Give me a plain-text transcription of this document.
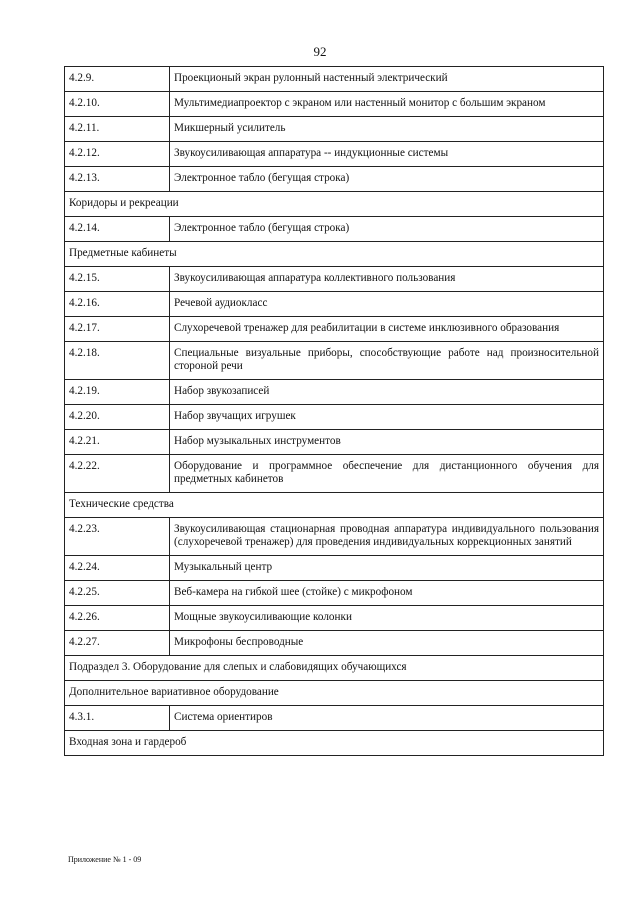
92
4.2.9.	Проекционый экран рулонный настенный электрический
4.2.10.	Мультимедиапроектор с экраном или настенный монитор с большим экраном
4.2.11.	Микшерный усилитель
4.2.12.	Звукоусиливающая аппаратура -- индукционные системы
4.2.13.	Электронное табло (бегущая строка)
Коридоры и рекреации	
4.2.14.	Электронное табло (бегущая строка)
Предметные кабинеты	
4.2.15.	Звукоусиливающая аппаратура коллективного пользования
4.2.16.	Речевой аудиокласс
4.2.17.	Слухоречевой тренажер для реабилитации в системе инклюзивного образования
4.2.18.	Специальные визуальные приборы, способствующие работе над произносительной стороной речи
4.2.19.	Набор звукозаписей
4.2.20.	Набор звучащих игрушек
4.2.21.	Набор музыкальных инструментов
4.2.22.	Оборудование и программное обеспечение для дистанционного обучения для предметных кабинетов
Технические средства	
4.2.23.	Звукоусиливающая стационарная проводная аппаратура индивидуального пользования (слухоречевой тренажер) для проведения индивидуальных коррекционных занятий
4.2.24.	Музыкальный центр
4.2.25.	Веб-камера на гибкой шее (стойке) с микрофоном
4.2.26.	Мощные звукоусиливающие колонки
4.2.27.	Микрофоны беспроводные
Подраздел 3. Оборудование для слепых и слабовидящих обучающихся	
Дополнительное вариативное оборудование	
4.3.1.	Система ориентиров
Входная зона и гардероб	
Приложение № 1 - 09
